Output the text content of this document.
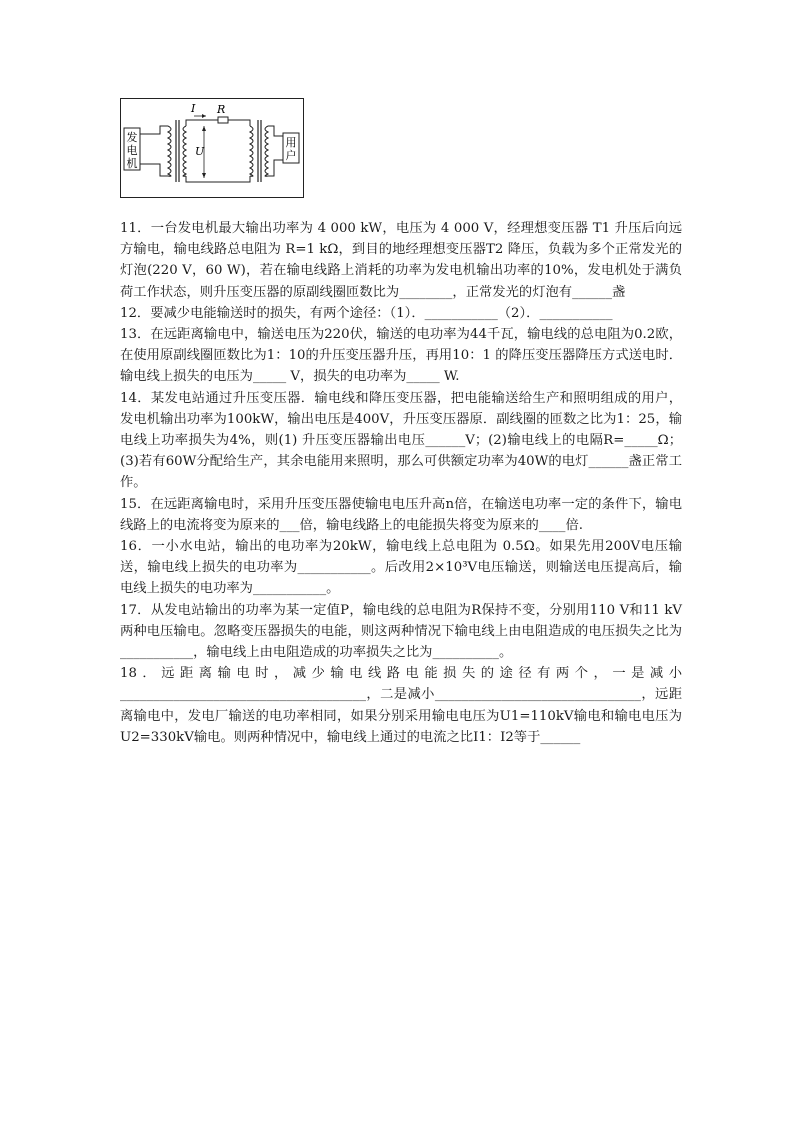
发
电
机
用
户
I R
U

11．一台发电机最大输出功率为 4 000 kW，电压为 4 000 V，经理想变压器 T1 升压后向远方输电，输电线路总电阻为 R=1 kΩ，到目的地经理想变压器T2 降压，负载为多个正常发光的灯泡(220 V，60 W)，若在输电线路上消耗的功率为发电机输出功率的10%，发电机处于满负荷工作状态，则升压变压器的原副线圈匝数比为________，正常发光的灯泡有______盏

12．要减少电能输送时的损失，有两个途径：（1）．___________（2）．___________

13．在远距离输电中，输送电压为220伏，输送的电功率为44千瓦，输电线的总电阻为0.2欧，在使用原副线圈匝数比为1：10的升压变压器升压，再用10：1 的降压变压器降压方式送电时．输电线上损失的电压为_____ V，损失的电功率为_____ W.

14．某发电站通过升压变压器．输电线和降压变压器，把电能输送给生产和照明组成的用户，发电机输出功率为100kW，输出电压是400V，升压变压器原．副线圈的匝数之比为1：25，输电线上功率损失为4%，则(1) 升压变压器输出电压______V；(2)输电线上的电隔R=_____Ω；(3)若有60W分配给生产，其余电能用来照明，那么可供额定功率为40W的电灯______盏正常工作。

15．在远距离输电时，采用升压变压器使输电电压升高n倍，在输送电功率一定的条件下，输电线路上的电流将变为原来的___倍，输电线路上的电能损失将变为原来的____倍.

16．一小水电站，输出的电功率为20kW，输电线上总电阻为 0.5Ω。如果先用200V电压输送，输电线上损失的电功率为___________。后改用2×10³V电压输送，则输送电压提高后，输电线上损失的电功率为___________。

17．从发电站输出的功率为某一定值P，输电线的总电阻为R保持不变，分别用110 V和11 kV 两种电压输电。忽略变压器损失的电能，则这两种情况下输电线上由电阻造成的电压损失之比为___________，输电线上由电阻造成的功率损失之比为__________。

18．远距离输电时，减少输电线路电能损失的途径有两个，一是减小_____________________________________，二是减小_______________________________，远距离输电中，发电厂输送的电功率相同，如果分别采用输电电压为U1=110kV输电和输电电压为U2=330kV输电。则两种情况中，输电线上通过的电流之比I1：I2等于______
